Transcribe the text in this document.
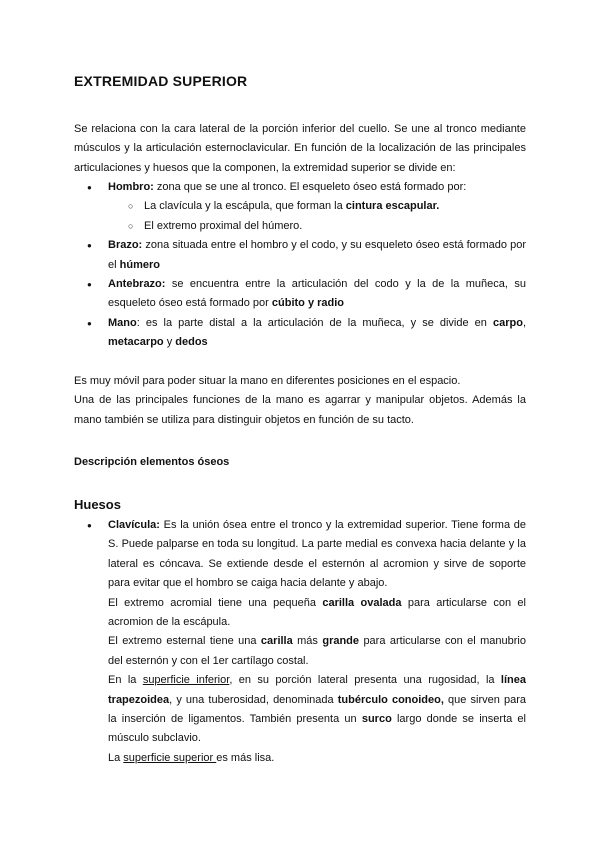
EXTREMIDAD SUPERIOR

Se relaciona con la cara lateral de la porción inferior del cuello. Se une al tronco mediante músculos y la articulación esternoclavicular. En función de la localización de las principales articulaciones y huesos que la componen, la extremidad superior se divide en:

● Hombro: zona que se une al tronco. El esqueleto óseo está formado por:
○ La clavícula y la escápula, que forman la cintura escapular.
○ El extremo proximal del húmero.
● Brazo: zona situada entre el hombro y el codo, y su esqueleto óseo está formado por el húmero
● Antebrazo: se encuentra entre la articulación del codo y la de la muñeca, su esqueleto óseo está formado por cúbito y radio
● Mano: es la parte distal a la articulación de la muñeca, y se divide en carpo, metacarpo y dedos
Es muy móvil para poder situar la mano en diferentes posiciones en el espacio.
Una de las principales funciones de la mano es agarrar y manipular objetos. Además la mano también se utiliza para distinguir objetos en función de su tacto.
Descripción elementos óseos
Huesos
● Clavícula: Es la unión ósea entre el tronco y la extremidad superior. Tiene forma de S. Puede palparse en toda su longitud. La parte medial es convexa hacia delante y la lateral es cóncava. Se extiende desde el esternón al acromion y sirve de soporte para evitar que el hombro se caiga hacia delante y abajo.
El extremo acromial tiene una pequeña carilla ovalada para articularse con el acromion de la escápula.
El extremo esternal tiene una carilla más grande para articularse con el manubrio del esternón y con el 1er cartílago costal.
En la superficie inferior, en su porción lateral presenta una rugosidad, la línea trapezoidea, y una tuberosidad, denominada tubérculo conoideo, que sirven para la inserción de ligamentos. También presenta un surco largo donde se inserta el músculo subclavio.
La superficie superior es más lisa.
